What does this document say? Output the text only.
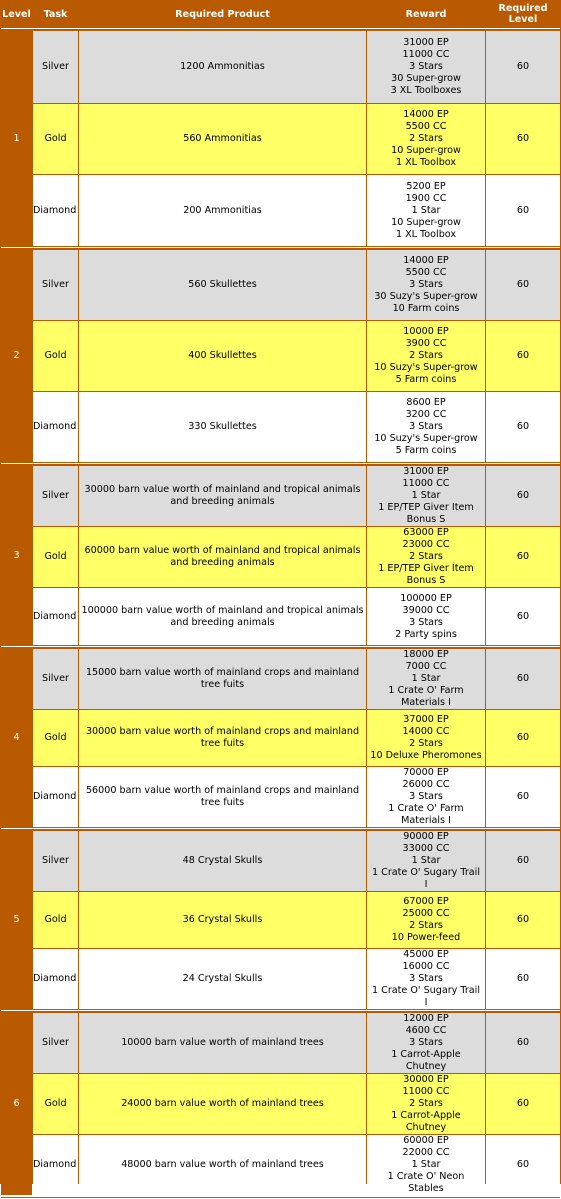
Level	Task	Required Product	Reward	Required
Level

1	Silver	1200 Ammonitias	31000 EP
11000 CC
3 Stars
30 Super-grow
3 XL Toolboxes	60
	Gold	560 Ammonitias	14000 EP
5500 CC
2 Stars
10 Super-grow
1 XL Toolbox	60
	Diamond	200 Ammonitias	5200 EP
1900 CC
1 Star
10 Super-grow
1 XL Toolbox	60

2	Silver	560 Skullettes	14000 EP
5500 CC
3 Stars
30 Suzy's Super-grow
10 Farm coins	60
	Gold	400 Skullettes	10000 EP
3900 CC
2 Stars
10 Suzy's Super-grow
5 Farm coins	60
	Diamond	330 Skullettes	8600 EP
3200 CC
3 Stars
10 Suzy's Super-grow
5 Farm coins	60

3	Silver	30000 barn value worth of mainland and tropical animals and breeding animals	31000 EP
11000 CC
1 Star
1 EP/TEP Giver Item
Bonus S	60
	Gold	60000 barn value worth of mainland and tropical animals and breeding animals	63000 EP
23000 CC
2 Stars
1 EP/TEP Giver Item
Bonus S	60
	Diamond	100000 barn value worth of mainland and tropical animals and breeding animals	100000 EP
39000 CC
3 Stars
2 Party spins	60

4	Silver	15000 barn value worth of mainland crops and mainland tree fuits	18000 EP
7000 CC
1 Star
1 Crate O' Farm
Materials I	60
	Gold	30000 barn value worth of mainland crops and mainland tree fuits	37000 EP
14000 CC
2 Stars
10 Deluxe Pheromones	60
	Diamond	56000 barn value worth of mainland crops and mainland tree fuits	70000 EP
26000 CC
3 Stars
1 Crate O' Farm
Materials I	60

5	Silver	48 Crystal Skulls	90000 EP
33000 CC
1 Star
1 Crate O' Sugary Trail
I	60
	Gold	36 Crystal Skulls	67000 EP
25000 CC
2 Stars
10 Power-feed	60
	Diamond	24 Crystal Skulls	45000 EP
16000 CC
3 Stars
1 Crate O' Sugary Trail
I	60

6	Silver	10000 barn value worth of mainland trees	12000 EP
4600 CC
3 Stars
1 Carrot-Apple
Chutney	60
	Gold	24000 barn value worth of mainland trees	30000 EP
11000 CC
2 Stars
1 Carrot-Apple
Chutney	60
	Diamond	48000 barn value worth of mainland trees	60000 EP
22000 CC
1 Star
1 Crate O' Neon
Stables	60
